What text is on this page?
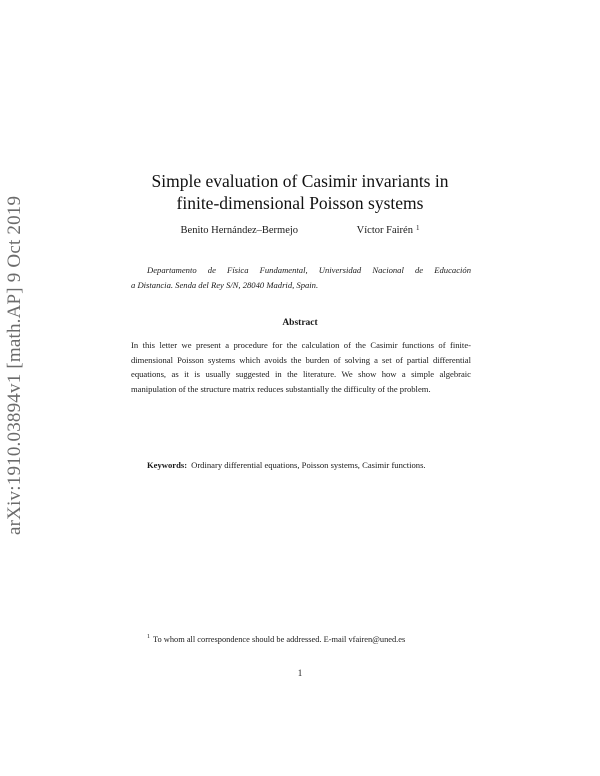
arXiv:1910.03894v1 [math.AP] 9 Oct 2019
Simple evaluation of Casimir invariants in
finite-dimensional Poisson systems
Benito Hernández–Bermejo	Víctor Fairén $^1$
Departamento de Física Fundamental, Universidad Nacional de Educación
a Distancia. Senda del Rey S/N, 28040 Madrid, Spain.
Abstract
In this letter we present a procedure for the calculation of the Casimir functions of finite-dimensional Poisson systems which avoids the burden of solving a set of partial differential equations, as it is usually suggested in the literature. We show how a simple algebraic manipulation of the structure matrix reduces substantially the difficulty of the problem.
Keywords: Ordinary differential equations, Poisson systems, Casimir functions.
$^1$ To whom all correspondence should be addressed. E-mail vfairen@uned.es
1
